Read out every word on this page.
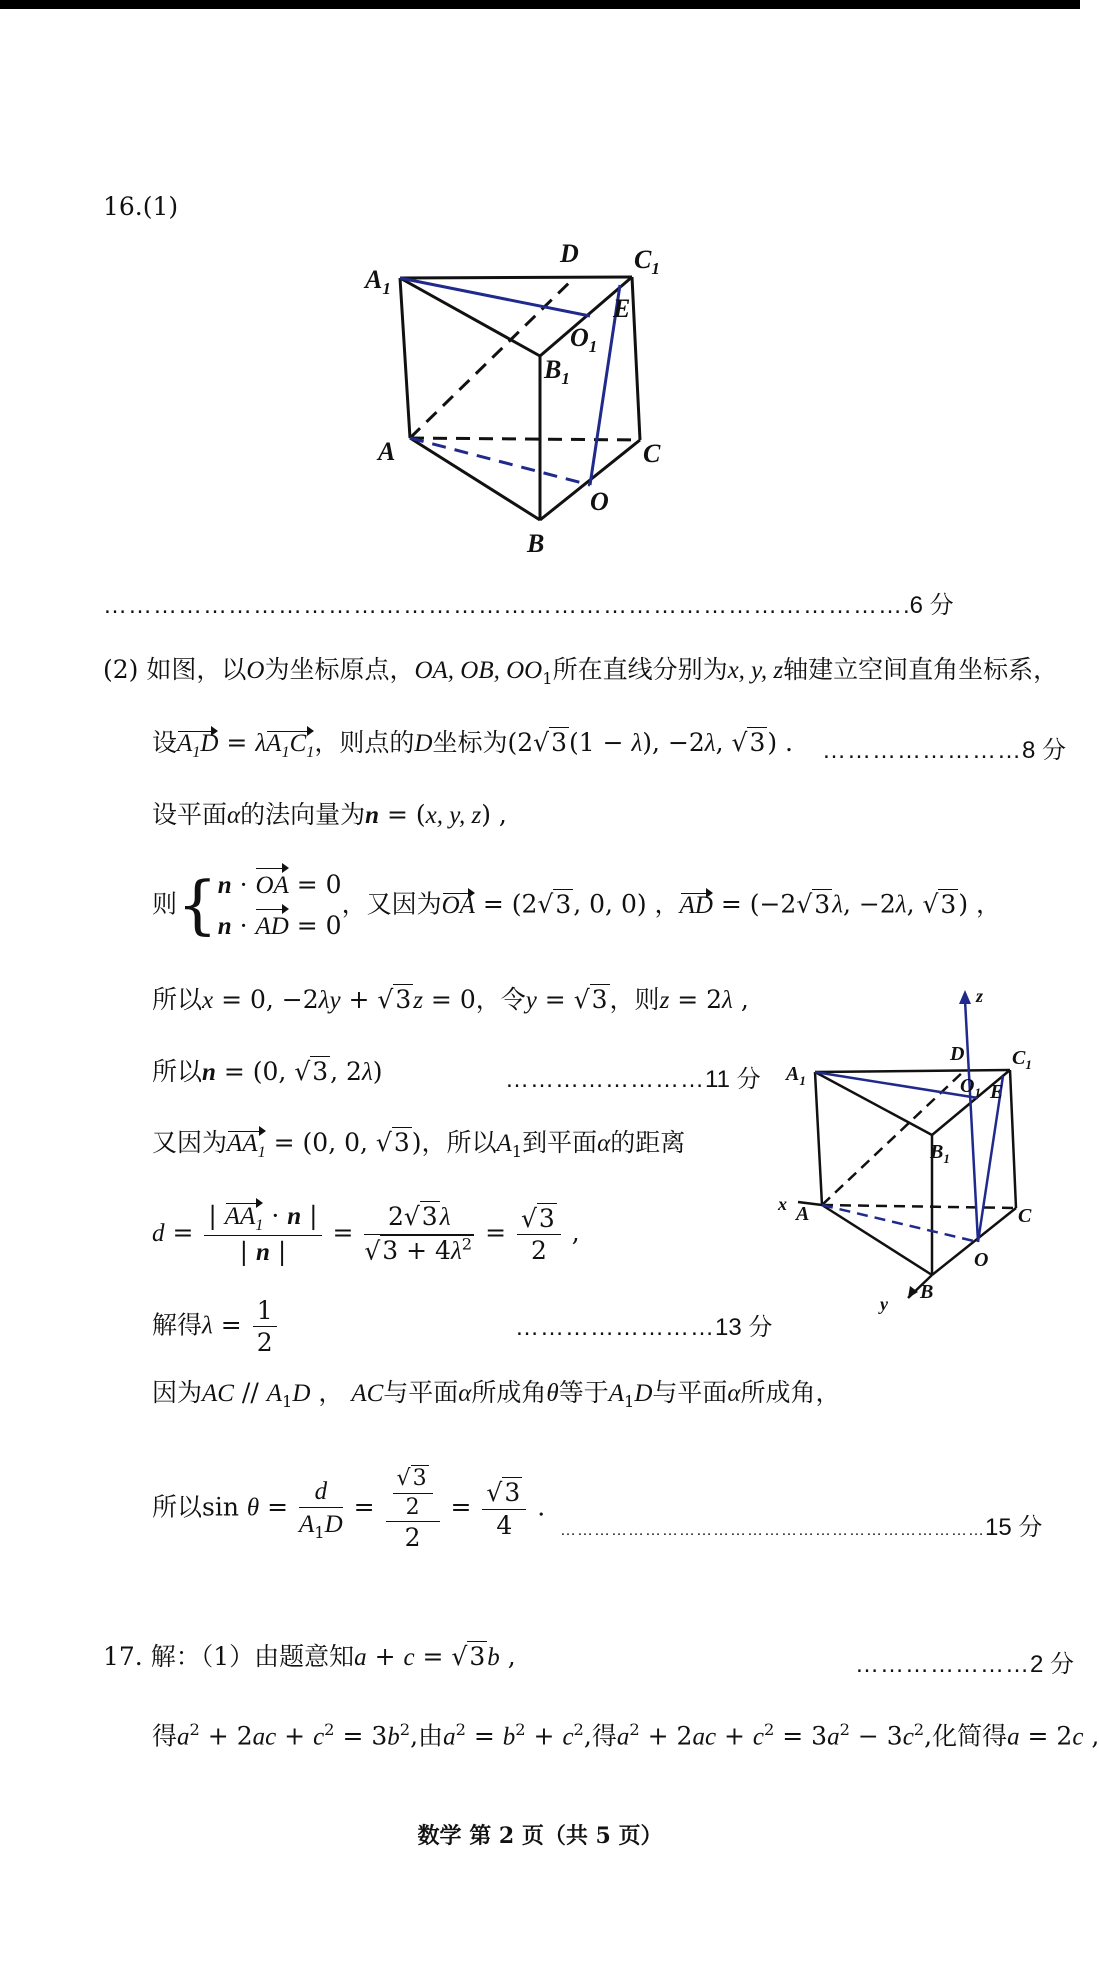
16.(1)
$A_1$
D $C_1$
E
$O_1$
$B_1$
A	C
O
B
…………………………………………………………………………………….6 分
(2) 如图，以O为坐标原点，OA, OB, $OO_1$所在直线分别为x, y, z轴建立空间直角坐标系，
设$A_1D = \lambda A_1C_1$，则点的D坐标为(2√3(1 − λ), −2λ, √3) . ……………………8 分
设平面α的法向量为n = (x, y, z) ,
则{ n · OA = 0
n · AD = 0
，又因为OA = (2√3, 0, 0) ，AD = (−2√3λ, −2λ, √3) ，
所以x = 0, −2λy + √3z = 0，令y = √3，则z = 2λ ,
所以n = (0, √3, 2λ)	……………………11 分
又因为$AA_1 = (0$, 0, √3)，所以$A_1$到平面α的距离
$d = \frac{| AA_1 \cdot n |}{| n |} = \frac{2√3\lambda}{√3 + 4\lambda^2} = \frac{√3}{2}$ ,
解得$\lambda = \frac{1}{2}$	……………………13 分
因为AC // $A_1D$ ， AC与平面α所成角θ等于$A_1D$与平面α所成角，
所以$\sin \theta = \frac{d}{A_1D} = \frac{\frac{√3}{2}}{2} = \frac{√3}{4}$ .
…………………………………………………………………15 分
17. 解：（1）由题意知a + c = √3b ,	…………………2 分
得$a^2 + 2ac + c^2 = 3b^2$,由$a^2 = b^2 + c^2$,得$a^2 + 2ac + c^2 = 3a^2 - 3c^2$,化简得a = 2c ,
z
x
y
$A_1$
D $C_1$
E
$O_1$
$B_1$
A	C
O
B
数学 第 2 页（共 5 页）
